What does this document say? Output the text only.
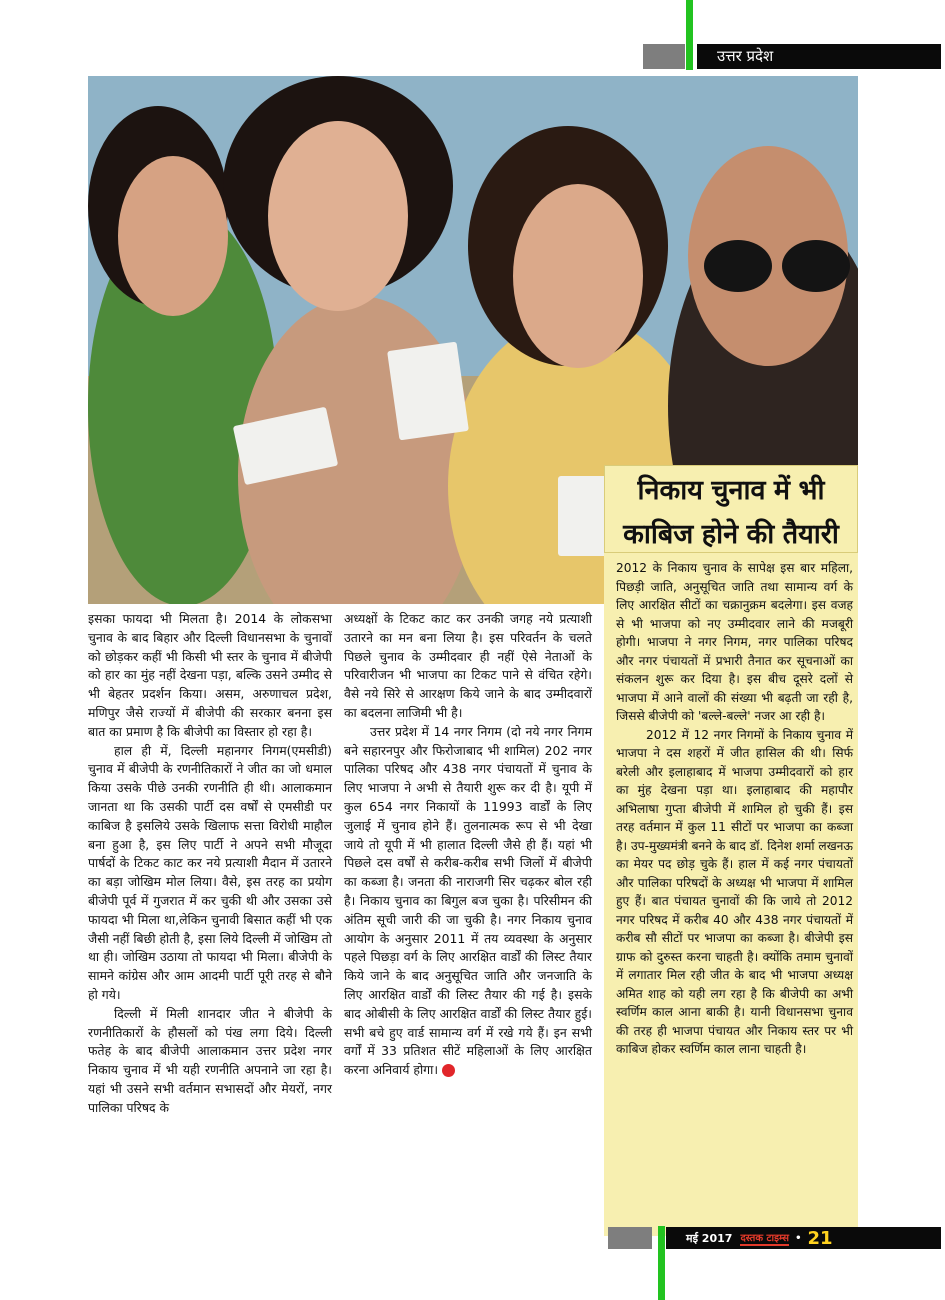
उत्तर प्रदेश
निकाय चुनाव में भी
काबिज होने की तैयारी

2012 के निकाय चुनाव के सापेक्ष इस बार महिला, पिछड़ी जाति, अनुसूचित जाति तथा सामान्य वर्ग के लिए आरक्षित सीटों का चक्रानुक्रम बदलेगा। इस वजह से भी भाजपा को नए उम्मीदवार लाने की मजबूरी होगी। भाजपा ने नगर निगम, नगर पालिका परिषद और नगर पंचायतों में प्रभारी तैनात कर सूचनाओं का संकलन शुरू कर दिया है। इस बीच दूसरे दलों से भाजपा में आने वालों की संख्या भी बढ़ती जा रही है, जिससे बीजेपी को 'बल्ले-बल्ले' नजर आ रही है।

2012 में 12 नगर निगमों के निकाय चुनाव में भाजपा ने दस शहरों में जीत हासिल की थी। सिर्फ बरेली और इलाहाबाद में भाजपा उम्मीदवारों को हार का मुंह देखना पड़ा था। इलाहाबाद की महापौर अभिलाषा गुप्ता बीजेपी में शामिल हो चुकी हैं। इस तरह वर्तमान में कुल 11 सीटों पर भाजपा का कब्जा है। उप-मुख्यमंत्री बनने के बाद डॉ. दिनेश शर्मा लखनऊ का मेयर पद छोड़ चुके हैं। हाल में कई नगर पंचायतों और पालिका परिषदों के अध्यक्ष भी भाजपा में शामिल हुए हैं। बात पंचायत चुनावों की कि जाये तो 2012 नगर परिषद में करीब 40 और 438 नगर पंचायतों में करीब सौ सीटों पर भाजपा का कब्जा है। बीजेपी इस ग्राफ को दुरुस्त करना चाहती है। क्योंकि तमाम चुनावों में लगातार मिल रही जीत के बाद भी भाजपा अध्यक्ष अमित शाह को यही लग रहा है कि बीजेपी का अभी स्वर्णिम काल आना बाकी है। यानी विधानसभा चुनाव की तरह ही भाजपा पंचायत और निकाय स्तर पर भी काबिज होकर स्वर्णिम काल लाना चाहती है।

इसका फायदा भी मिलता है। 2014 के लोकसभा चुनाव के बाद बिहार और दिल्ली विधानसभा के चुनावों को छोड़कर कहीं भी किसी भी स्तर के चुनाव में बीजेपी को हार का मुंह नहीं देखना पड़ा, बल्कि उसने उम्मीद से भी बेहतर प्रदर्शन किया। असम, अरुणाचल प्रदेश, मणिपुर जैसे राज्यों में बीजेपी की सरकार बनना इस बात का प्रमाण है कि बीजेपी का विस्तार हो रहा है।

हाल ही में, दिल्ली महानगर निगम(एमसीडी) चुनाव में बीजेपी के रणनीतिकारों ने जीत का जो धमाल किया उसके पीछे उनकी रणनीति ही थी। आलाकमान जानता था कि उसकी पार्टी दस वर्षों से एमसीडी पर काबिज है इसलिये उसके खिलाफ सत्ता विरोधी माहौल बना हुआ है, इस लिए पार्टी ने अपने सभी मौजूदा पार्षदों के टिकट काट कर नये प्रत्याशी मैदान में उतारने का बड़ा जोखिम मोल लिया। वैसे, इस तरह का प्रयोग बीजेपी पूर्व में गुजरात में कर चुकी थी और उसका उसे फायदा भी मिला था,लेकिन चुनावी बिसात कहीं भी एक जैसी नहीं बिछी होती है, इसा लिये दिल्ली में जोखिम तो था ही। जोखिम उठाया तो फायदा भी मिला। बीजेपी के सामने कांग्रेस और आम आदमी पार्टी पूरी तरह से बौने हो गये।

दिल्ली में मिली शानदार जीत ने बीजेपी के रणनीतिकारों के हौसलों को पंख लगा दिये। दिल्ली फतेह के बाद बीजेपी आलाकमान उत्तर प्रदेश नगर निकाय चुनाव में भी यही रणनीति अपनाने जा रहा है। यहां भी उसने सभी वर्तमान सभासदों और मेयरों, नगर पालिका परिषद के

अध्यक्षों के टिकट काट कर उनकी जगह नये प्रत्याशी उतारने का मन बना लिया है। इस परिवर्तन के चलते पिछले चुनाव के उम्मीदवार ही नहीं ऐसे नेताओं के परिवारीजन भी भाजपा का टिकट पाने से वंचित रहेगे। वैसे नये सिरे से आरक्षण किये जाने के बाद उम्मीदवारों का बदलना लाजिमी भी है।

उत्तर प्रदेश में 14 नगर निगम (दो नये नगर निगम बने सहारनपुर और फिरोजाबाद भी शामिल) 202 नगर पालिका परिषद और 438 नगर पंचायतों में चुनाव के लिए भाजपा ने अभी से तैयारी शुरू कर दी है। यूपी में कुल 654 नगर निकायों के 11993 वार्डों के लिए जुलाई में चुनाव होने हैं। तुलनात्मक रूप से भी देखा जाये तो यूपी में भी हालात दिल्ली जैसे ही हैं। यहां भी पिछले दस वर्षों से करीब-करीब सभी जिलों में बीजेपी का कब्जा है। जनता की नाराजगी सिर चढ़कर बोल रही है। निकाय चुनाव का बिगुल बज चुका है। परिसीमन की अंतिम सूची जारी की जा चुकी है। नगर निकाय चुनाव आयोग के अनुसार 2011 में तय व्यवस्था के अनुसार पहले पिछड़ा वर्ग के लिए आरक्षित वार्डों की लिस्ट तैयार किये जाने के बाद अनुसूचित जाति और जनजाति के लिए आरक्षित वार्डों की लिस्ट तैयार की गई है। इसके बाद ओबीसी के लिए आरक्षित वार्डों की लिस्ट तैयार हुई। सभी बचे हुए वार्ड सामान्य वर्ग में रखे गये हैं। इन सभी वर्गों में 33 प्रतिशत सीटें महिलाओं के लिए आरक्षित करना अनिवार्य होगा।

मई 2017 दस्तक टाइम्स • 21
